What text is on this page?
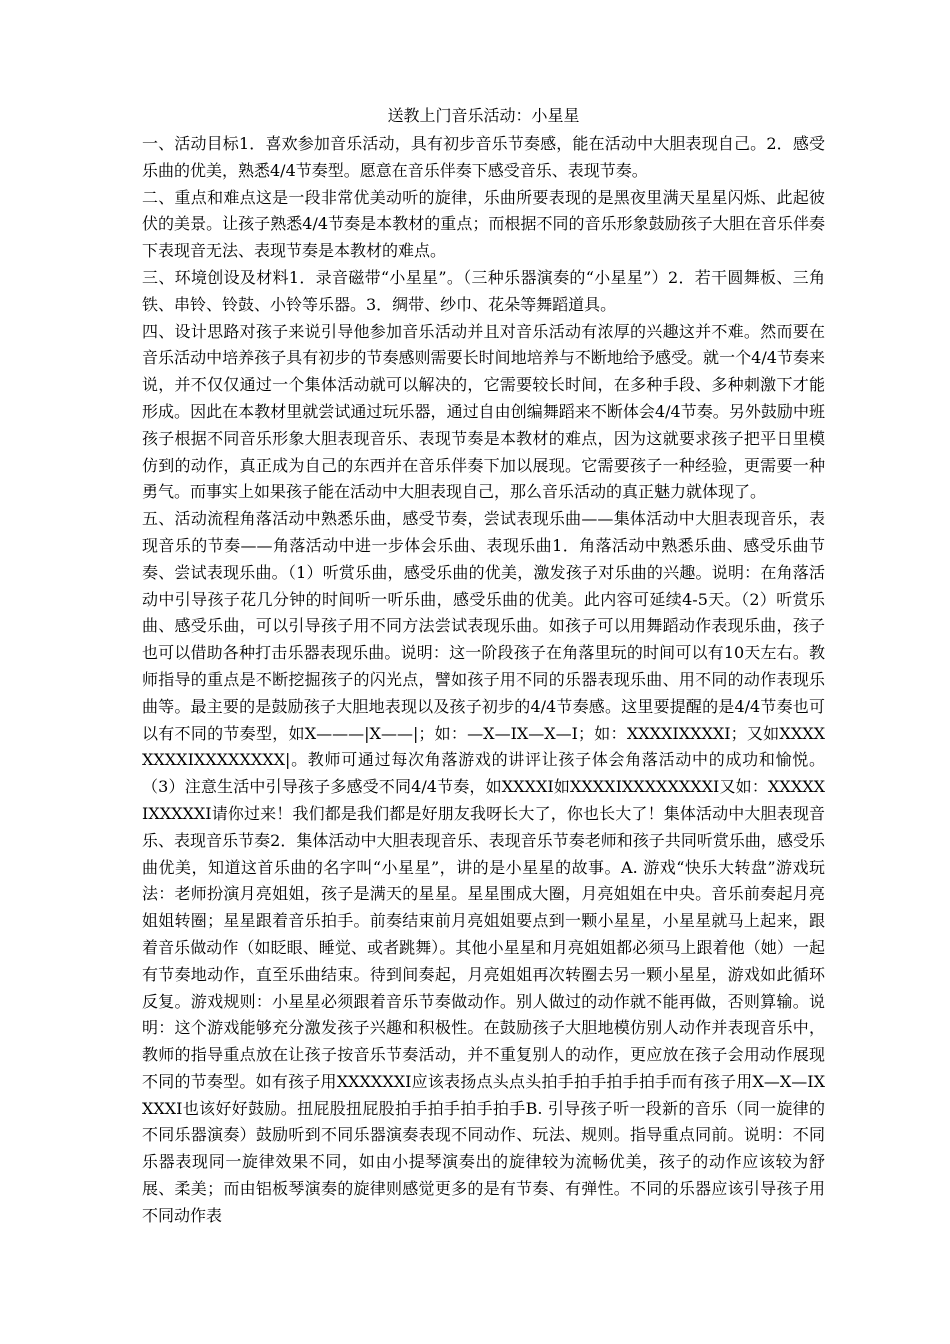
送教上门音乐活动：小星星

一、活动目标1．喜欢参加音乐活动，具有初步音乐节奏感，能在活动中大胆表现自己。2．感受乐曲的优美，熟悉4/4节奏型。愿意在音乐伴奏下感受音乐、表现节奏。

二、重点和难点这是一段非常优美动听的旋律，乐曲所要表现的是黑夜里满天星星闪烁、此起彼伏的美景。让孩子熟悉4/4节奏是本教材的重点；而根据不同的音乐形象鼓励孩子大胆在音乐伴奏下表现音无法、表现节奏是本教材的难点。

三、环境创设及材料1．录音磁带“小星星”。（三种乐器演奏的“小星星”）2．若干圆舞板、三角铁、串铃、铃鼓、小铃等乐器。3．绸带、纱巾、花朵等舞蹈道具。

四、设计思路对孩子来说引导他参加音乐活动并且对音乐活动有浓厚的兴趣这并不难。然而要在音乐活动中培养孩子具有初步的节奏感则需要长时间地培养与不断地给予感受。就一个4/4节奏来说，并不仅仅通过一个集体活动就可以解决的，它需要较长时间，在多种手段、多种刺激下才能形成。因此在本教材里就尝试通过玩乐器，通过自由创编舞蹈来不断体会4/4节奏。另外鼓励中班孩子根据不同音乐形象大胆表现音乐、表现节奏是本教材的难点，因为这就要求孩子把平日里模仿到的动作，真正成为自己的东西并在音乐伴奏下加以展现。它需要孩子一种经验，更需要一种勇气。而事实上如果孩子能在活动中大胆表现自己，那么音乐活动的真正魅力就体现了。

五、活动流程角落活动中熟悉乐曲，感受节奏，尝试表现乐曲——集体活动中大胆表现音乐，表现音乐的节奏——角落活动中进一步体会乐曲、表现乐曲1．角落活动中熟悉乐曲、感受乐曲节奏、尝试表现乐曲。（1）听赏乐曲，感受乐曲的优美，激发孩子对乐曲的兴趣。说明：在角落活动中引导孩子花几分钟的时间听一听乐曲，感受乐曲的优美。此内容可延续4-5天。（2）听赏乐曲、感受乐曲，可以引导孩子用不同方法尝试表现乐曲。如孩子可以用舞蹈动作表现乐曲，孩子也可以借助各种打击乐器表现乐曲。说明：这一阶段孩子在角落里玩的时间可以有10天左右。教师指导的重点是不断挖掘孩子的闪光点，譬如孩子用不同的乐器表现乐曲、用不同的动作表现乐曲等。最主要的是鼓励孩子大胆地表现以及孩子初步的4/4节奏感。这里要提醒的是4/4节奏也可以有不同的节奏型，如X———|X——|；如：—X—IX—X—I；如：XXXXIXXXXI；又如XXXXXXXXIXXXXXXXX|。教师可通过每次角落游戏的讲评让孩子体会角落活动中的成功和愉悦。（3）注意生活中引导孩子多感受不同4/4节奏，如XXXXI如XXXXIXXXXXXXXI又如：XXXXXIXXXXXI请你过来！我们都是我们都是好朋友我呀长大了，你也长大了！集体活动中大胆表现音乐、表现音乐节奏2．集体活动中大胆表现音乐、表现音乐节奏老师和孩子共同听赏乐曲，感受乐曲优美，知道这首乐曲的名字叫“小星星”，讲的是小星星的故事。A. 游戏“快乐大转盘”游戏玩法：老师扮演月亮姐姐，孩子是满天的星星。星星围成大圈，月亮姐姐在中央。音乐前奏起月亮姐姐转圈；星星跟着音乐拍手。前奏结束前月亮姐姐要点到一颗小星星，小星星就马上起来，跟着音乐做动作（如眨眼、睡觉、或者跳舞）。其他小星星和月亮姐姐都必须马上跟着他（她）一起有节奏地动作，直至乐曲结束。待到间奏起，月亮姐姐再次转圈去另一颗小星星，游戏如此循环反复。游戏规则：小星星必须跟着音乐节奏做动作。别人做过的动作就不能再做，否则算输。说明：这个游戏能够充分激发孩子兴趣和积极性。在鼓励孩子大胆地模仿别人动作并表现音乐中，教师的指导重点放在让孩子按音乐节奏活动，并不重复别人的动作，更应放在孩子会用动作展现不同的节奏型。如有孩子用XXXXXXI应该表扬点头点头拍手拍手拍手拍手而有孩子用X—X—IXXXXI也该好好鼓励。扭屁股扭屁股拍手拍手拍手拍手B. 引导孩子听一段新的音乐（同一旋律的不同乐器演奏）鼓励听到不同乐器演奏表现不同动作、玩法、规则。指导重点同前。说明：不同乐器表现同一旋律效果不同，如由小提琴演奏出的旋律较为流畅优美，孩子的动作应该较为舒展、柔美；而由铝板琴演奏的旋律则感觉更多的是有节奏、有弹性。不同的乐器应该引导孩子用不同动作表
